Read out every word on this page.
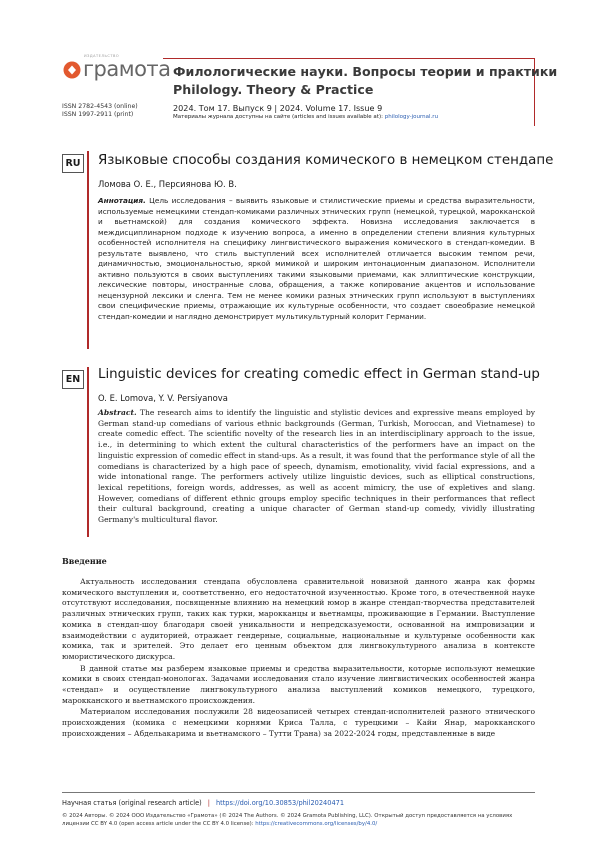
ИЗДАТЕЛЬСТВО
грамота
ISSN 2782-4543 (online)
ISSN 1997-2911 (print)
Филологические науки. Вопросы теории и практики
Philology. Theory & Practice
2024. Том 17. Выпуск 9 | 2024. Volume 17. Issue 9
Материалы журнала доступны на сайте (articles and issues available at): philology-journal.ru
RU Языковые способы создания комического в немецком стендапе
Ломова О. Е., Персиянова Ю. В.
Аннотация. Цель исследования – выявить языковые и стилистические приемы и средства выразительности, используемые немецкими стендап-комиками различных этнических групп (немецкой, турецкой, марокканской и вьетнамской) для создания комического эффекта. Новизна исследования заключается в междисциплинарном подходе к изучению вопроса, а именно в определении степени влияния культурных особенностей исполнителя на специфику лингвистического выражения комического в стендап-комедии. В результате выявлено, что стиль выступлений всех исполнителей отличается высоким темпом речи, динамичностью, эмоциональностью, яркой мимикой и широким интонационным диапазоном. Исполнители активно пользуются в своих выступлениях такими языковыми приемами, как эллиптические конструкции, лексические повторы, иностранные слова, обращения, а также копирование акцентов и использование нецензурной лексики и сленга. Тем не менее комики разных этнических групп используют в выступлениях свои специфические приемы, отражающие их культурные особенности, что создает своеобразие немецкой стендап-комедии и наглядно демонстрирует мультикультурный колорит Германии.
EN Linguistic devices for creating comedic effect in German stand-up
O. E. Lomova, Y. V. Persiyanova
Abstract. The research aims to identify the linguistic and stylistic devices and expressive means employed by German stand-up comedians of various ethnic backgrounds (German, Turkish, Moroccan, and Vietnamese) to create comedic effect. The scientific novelty of the research lies in an interdisciplinary approach to the issue, i.e., in determining to which extent the cultural characteristics of the performers have an impact on the linguistic expression of comedic effect in stand-ups. As a result, it was found that the performance style of all the comedians is characterized by a high pace of speech, dynamism, emotionality, vivid facial expressions, and a wide intonational range. The performers actively utilize linguistic devices, such as elliptical constructions, lexical repetitions, foreign words, addresses, as well as accent mimicry, the use of expletives and slang. However, comedians of different ethnic groups employ specific techniques in their performances that reflect their cultural background, creating a unique character of German stand-up comedy, vividly illustrating Germany's multicultural flavor.
Введение

Актуальность исследования стендапа обусловлена сравнительной новизной данного жанра как формы комического выступления и, соответственно, его недостаточной изученностью. Кроме того, в отечественной науке отсутствуют исследования, посвященные влиянию на немецкий юмор в жанре стендап-творчества представителей различных этнических групп, таких как турки, марокканцы и вьетнамцы, проживающие в Германии. Выступление комика в стендап-шоу благодаря своей уникальности и непредсказуемости, основанной на импровизации и взаимодействии с аудиторией, отражает гендерные, социальные, национальные и культурные особенности как комика, так и зрителей. Это делает его ценным объектом для лингвокультурного анализа в контексте юмористического дискурса.

В данной статье мы разберем языковые приемы и средства выразительности, которые используют немецкие комики в своих стендап-монологах. Задачами исследования стало изучение лингвистических особенностей жанра «стендап» и осуществление лингвокультурного анализа выступлений комиков немецкого, турецкого, марокканского и вьетнамского происхождения.

Материалом исследования послужили 28 видеозаписей четырех стендап-исполнителей разного этнического происхождения (комика с немецкими корнями Криса Талла, с турецкими – Кайи Янар, марокканского происхождения – Абдельакарима и вьетнамского – Тутти Трана) за 2022-2024 годы, представленные в виде

Научная статья (original research article) | https://doi.org/10.30853/phil20240471
© 2024 Авторы. © 2024 ООО Издательство «Грамота» (© 2024 The Authors. © 2024 Gramota Publishing, LLC). Открытый доступ предоставляется на условиях лицензии CC BY 4.0 (open access article under the CC BY 4.0 license): https://creativecommons.org/licenses/by/4.0/
